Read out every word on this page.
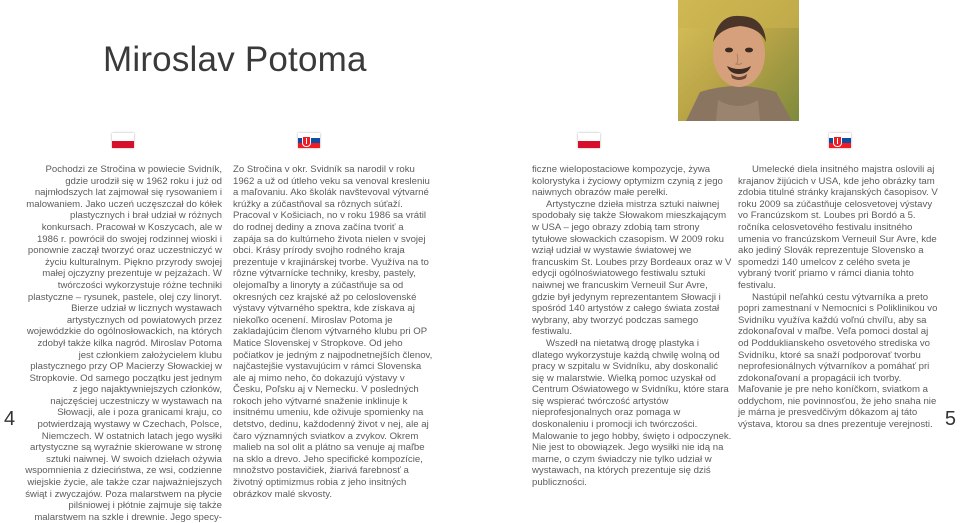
Miroslav Potoma

Pochodzi ze Stročina w powiecie Svidník, gdzie urodził się w 1962 roku i już od najmłodszych lat zajmował się rysowaniem i malowaniem. Jako uczeń uczęszczał do kółek plastycznych i brał udział w różnych konkursach. Pracował w Koszycach, ale w 1986 r. powrócił do swojej rodzinnej wioski i ponownie zaczął tworzyć oraz uczestniczyć w życiu kulturalnym. Piękno przyrody swojej małej ojczyzny prezentuje w pejzażach. W twórczości wykorzystuje różne techniki plastyczne – rysunek, pastele, olej czy linoryt. Bierze udział w licznych wystawach artystycznych od powiatowych przez wojewódzkie do ogólnosłowackich, na których zdobył także kilka nagród. Miroslav Potoma jest członkiem założycielem klubu plastycznego przy OP Macierzy Słowackiej w Stropkovie. Od samego początku jest jednym z jego najaktywniejszych członków, najczęściej uczestniczy w wystawach na Słowacji, ale i poza granicami kraju, co potwierdzają wystawy w Czechach, Polsce, Niemczech. W ostatnich latach jego wysłki artystyczne są wyraźnie skierowane w stronę sztuki naiwnej. W swoich dziełach ożywia wspomnienia z dzieciństwa, ze wsi, codzienne wiejskie życie, ale także czar najważniejszych świąt i zwyczajów. Poza malarstwem na płycie pilśniowej i płótnie zajmuje się także malarstwem na szkle i drewnie. Jego specy-

Zo Stročina v okr. Svidník sa narodil v roku 1962 a už od útleho veku sa venoval kresleniu a maľovaniu. Ako školák navštevoval výtvarné krúžky a zúčastňoval sa rôznych súťaží. Pracoval v Košiciach, no v roku 1986 sa vrátil do rodnej dediny a znova začína tvoriť a zapája sa do kultúrneho života nielen v svojej obci. Krásy prírody svojho rodného kraja prezentuje v krajinárskej tvorbe. Využíva na to rôzne výtvarnícke techniky, kresby, pastely, olejomaľby a linoryty a zúčastňuje sa od okresných cez krajské až po celoslovenské výstavy výtvarného spektra, kde získava aj niekoľko ocenení. Miroslav Potoma je zakladajúcim členom výtvarného klubu pri OP Matice Slovenskej v Stropkove. Od jeho počiatkov je jedným z najpodnetnejších členov, najčastejšie vystavujúcim v rámci Slovenska ale aj mimo neho, čo dokazujú výstavy v Česku, Poľsku aj v Nemecku. V posledných rokoch jeho výtvarné snaženie inklinuje k insitnému umeniu, kde oživuje spomienky na detstvo, dedinu, každodenný život v nej, ale aj čaro významných sviatkov a zvykov. Okrem malieb na sol olit a plátno sa venuje aj maľbe na sklo a drevo. Jeho specifické kompozície, množstvo postavičiek, žiarivá farebnosť a životný optimizmus robia z jeho insitných obrázkov malé skvosty.

ficzne wielopostaciowe kompozycje, żywa kolorystyka i życiowy optymizm czynią z jego naiwnych obrazów małe perełki.

Artystyczne dzieła mistrza sztuki naiwnej spodobały się także Słowakom mieszkającym w USA – jego obrazy zdobią tam strony tytułowe słowackich czasopism. W 2009 roku wziął udział w wystawie światowej we francuskim St. Loubes przy Bordeaux oraz w V edycji ogólnoświatowego festiwalu sztuki naiwnej we francuskim Verneuil Sur Avre, gdzie był jedynym reprezentantem Słowacji i spośród 140 artystów z całego świata został wybrany, aby tworzyć podczas samego festiwalu.

Wszedł na nietatwą drogę plastyka i dlatego wykorzystuje każdą chwilę wolną od pracy w szpitalu w Svidníku, aby doskonalić się w malarstwie. Wielką pomoc uzyskał od Centrum Oświatowego w Svidníku, które stara się wspierać twórczość artystów nieprofesjonalnych oraz pomaga w doskonaleniu i promocji ich twórczości. Malowanie to jego hobby, święto i odpoczynek. Nie jest to obowiązek. Jego wysiłki nie idą na marne, o czym świadczy nie tylko udział w wystawach, na których prezentuje się dziś publiczności.

Umelecké diela insitného majstra oslovili aj krajanov žijúcich v USA, kde jeho obrázky tam zdobia titulné stránky krajanských časopisov. V roku 2009 sa zúčastňuje celosvetovej výstavy vo Francúzskom st. Loubes pri Bordó a 5. ročníka celosvetového festivalu insitného umenia vo francúzskom Verneuil Sur Avre, kde ako jediný Slovák reprezentuje Slovensko a spomedzi 140 umelcov z celého sveta je vybraný tvoriť priamo v rámci diania tohto festivalu.

Nastúpil neľahkú cestu výtvarníka a preto popri zamestnaní v Nemocnici s Poliklinikou vo Svidníku využíva každú voľnú chvíľu, aby sa zdokonaľoval v maľbe. Veľa pomoci dostal aj od Podduklianskeho osvetového strediska vo Svidníku, ktoré sa snaží podporovať tvorbu neprofesionálnych výtvarníkov a pomáhať pri zdokonaľovaní a propagácii ich tvorby. Maľovanie je pre neho koníčkom, sviatkom a oddychom, nie povinnosťou, že jeho snaha nie je márna je presvedčivým dôkazom aj táto výstava, ktorou sa dnes prezentuje verejnosti.

4	5
